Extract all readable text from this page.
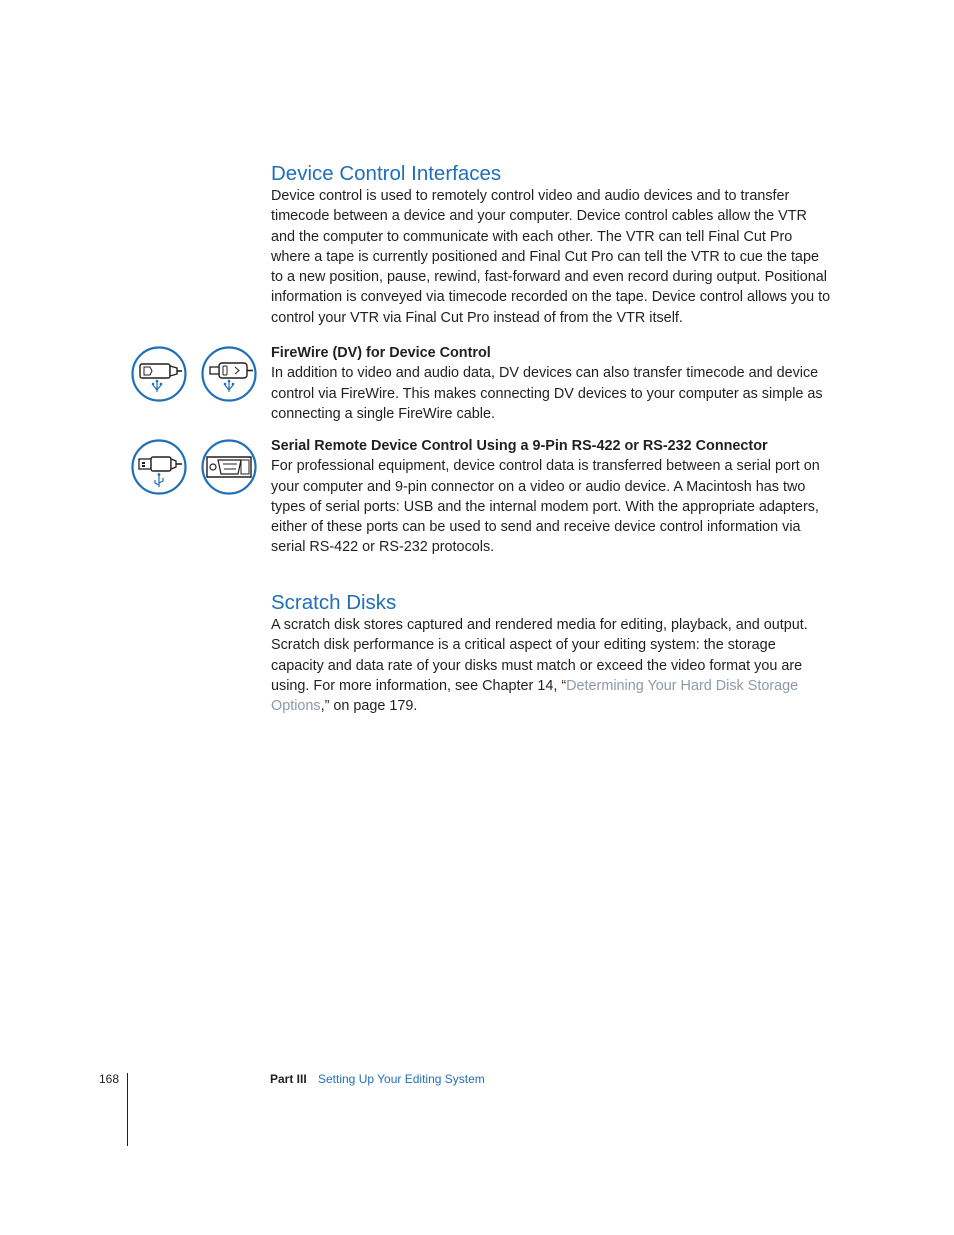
Device Control Interfaces

Device control is used to remotely control video and audio devices and to transfer timecode between a device and your computer. Device control cables allow the VTR and the computer to communicate with each other. The VTR can tell Final Cut Pro where a tape is currently positioned and Final Cut Pro can tell the VTR to cue the tape to a new position, pause, rewind, fast-forward and even record during output. Positional information is conveyed via timecode recorded on the tape. Device control allows you to control your VTR via Final Cut Pro instead of from the VTR itself.

FireWire (DV) for Device Control

In addition to video and audio data, DV devices can also transfer timecode and device control via FireWire. This makes connecting DV devices to your computer as simple as connecting a single FireWire cable.

Serial Remote Device Control Using a 9-Pin RS-422 or RS-232 Connector

For professional equipment, device control data is transferred between a serial port on your computer and 9-pin connector on a video or audio device. A Macintosh has two types of serial ports: USB and the internal modem port. With the appropriate adapters, either of these ports can be used to send and receive device control information via serial RS-422 or RS-232 protocols.

Scratch Disks

A scratch disk stores captured and rendered media for editing, playback, and output. Scratch disk performance is a critical aspect of your editing system: the storage capacity and data rate of your disks must match or exceed the video format you are using. For more information, see Chapter 14, “Determining Your Hard Disk Storage Options,” on page 179.

168	Part III Setting Up Your Editing System
